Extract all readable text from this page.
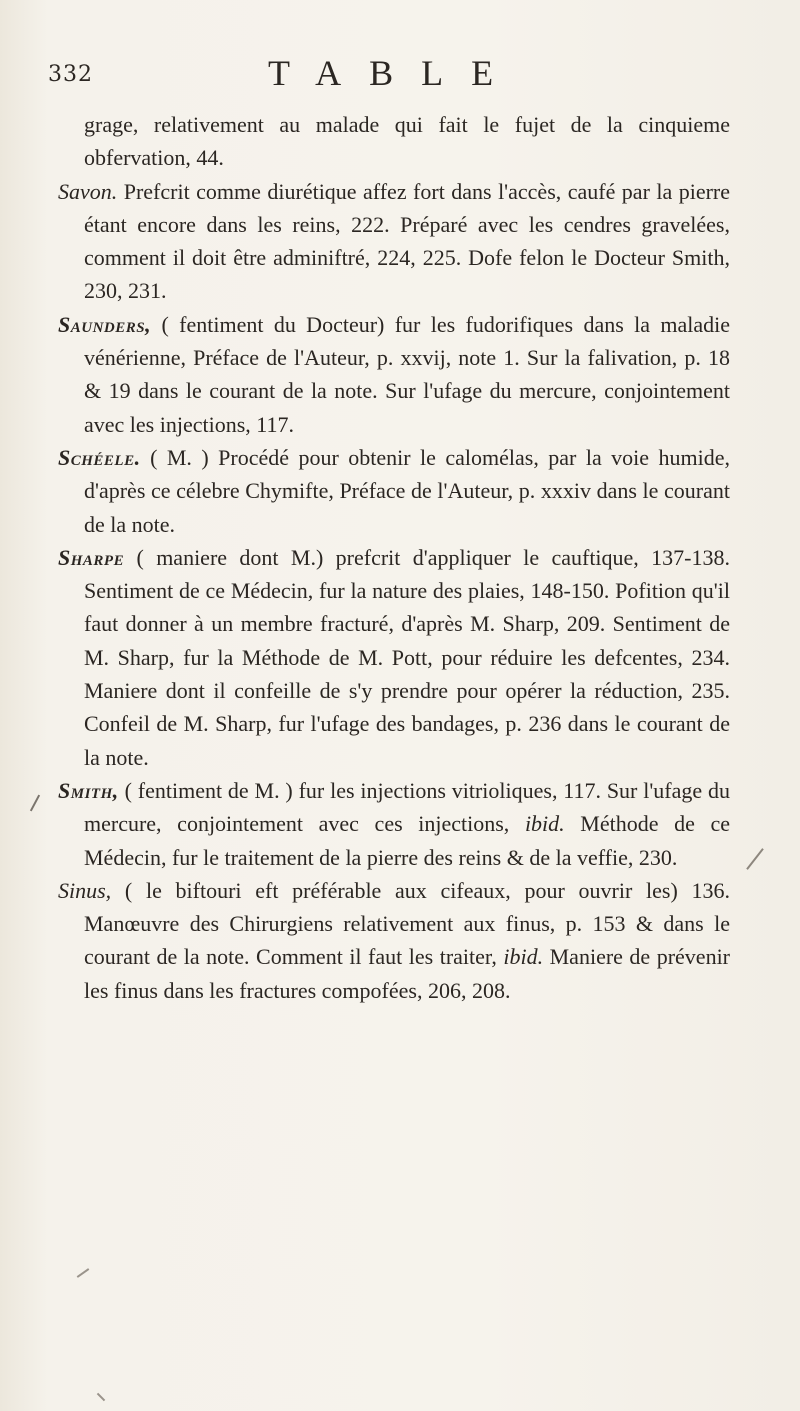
332	TABLE

grage, relativement au malade qui fait le fujet de la cinquieme obfervation, 44.

Savon. Prefcrit comme diurétique affez fort dans l'accès, caufé par la pierre étant encore dans les reins, 222. Préparé avec les cendres gravelées, comment il doit être adminiftré, 224, 225. Dofe felon le Docteur Smith, 230, 231.

Saunders, ( fentiment du Docteur) fur les fudorifiques dans la maladie vénérienne, Préface de l'Auteur, p. xxvij, note 1. Sur la falivation, p. 18 & 19 dans le courant de la note. Sur l'ufage du mercure, conjointement avec les injections, 117.

Schéele. ( M. ) Procédé pour obtenir le calomélas, par la voie humide, d'après ce célebre Chymifte, Préface de l'Auteur, p. xxxiv dans le courant de la note.

Sharpe ( maniere dont M.) prefcrit d'appliquer le cauftique, 137-138. Sentiment de ce Médecin, fur la nature des plaies, 148-150. Pofition qu'il faut donner à un membre fracturé, d'après M. Sharp, 209. Sentiment de M. Sharp, fur la Méthode de M. Pott, pour réduire les defcentes, 234. Maniere dont il confeille de s'y prendre pour opérer la réduction, 235. Confeil de M. Sharp, fur l'ufage des bandages, p. 236 dans le courant de la note.

Smith, ( fentiment de M. ) fur les injections vitrioliques, 117. Sur l'ufage du mercure, conjointement avec ces injections, ibid. Méthode de ce Médecin, fur le traitement de la pierre des reins & de la veffie, 230.

Sinus, ( le biftouri eft préférable aux cifeaux, pour ouvrir les) 136. Manœuvre des Chirurgiens relativement aux finus, p. 153 & dans le courant de la note. Comment il faut les traiter, ibid. Maniere de prévenir les finus dans les fractures compofées, 206, 208.
